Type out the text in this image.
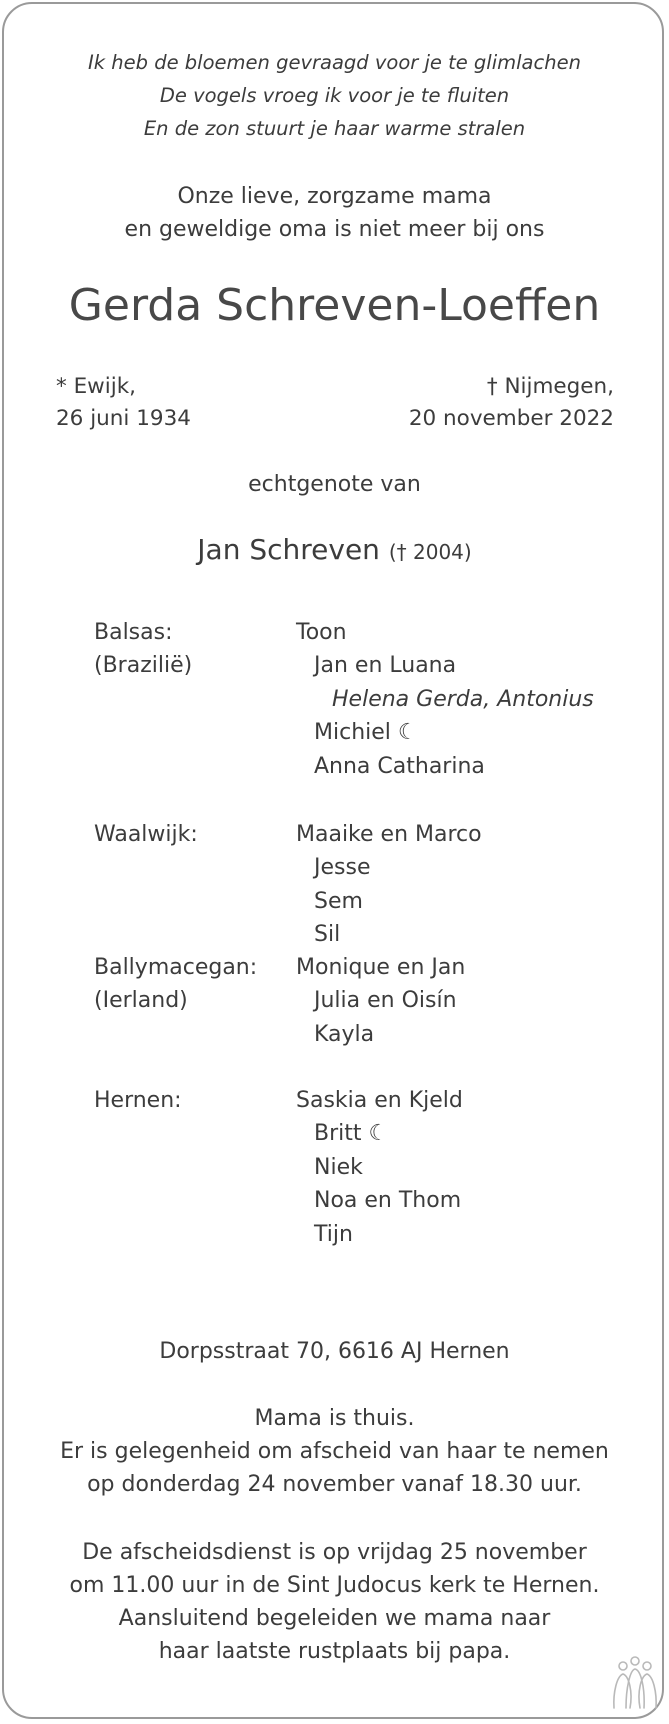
Ik heb de bloemen gevraagd voor je te glimlachen
De vogels vroeg ik voor je te fluiten
En de zon stuurt je haar warme stralen
Onze lieve, zorgzame mama
en geweldige oma is niet meer bij ons
Gerda Schreven-Loeffen
* Ewijk,
26 juni 1934
† Nijmegen,
20 november 2022
echtgenote van
Jan Schreven († 2004)
Balsas:
(Brazilië)
Toon
Jan en Luana
Helena Gerda, Antonius
Michiel ☾
Anna Catharina
Waalwijk:	Maaike en Marco
Jesse
Sem
Sil
Ballymacegan:
(Ierland)
Monique en Jan
Julia en Oisín
Kayla
Hernen:	Saskia en Kjeld
Britt ☾
Niek
Noa en Thom
Tijn
Dorpsstraat 70, 6616 AJ Hernen
Mama is thuis.
Er is gelegenheid om afscheid van haar te nemen
op donderdag 24 november vanaf 18.30 uur.
De afscheidsdienst is op vrijdag 25 november
om 11.00 uur in de Sint Judocus kerk te Hernen.
Aansluitend begeleiden we mama naar
haar laatste rustplaats bij papa.
